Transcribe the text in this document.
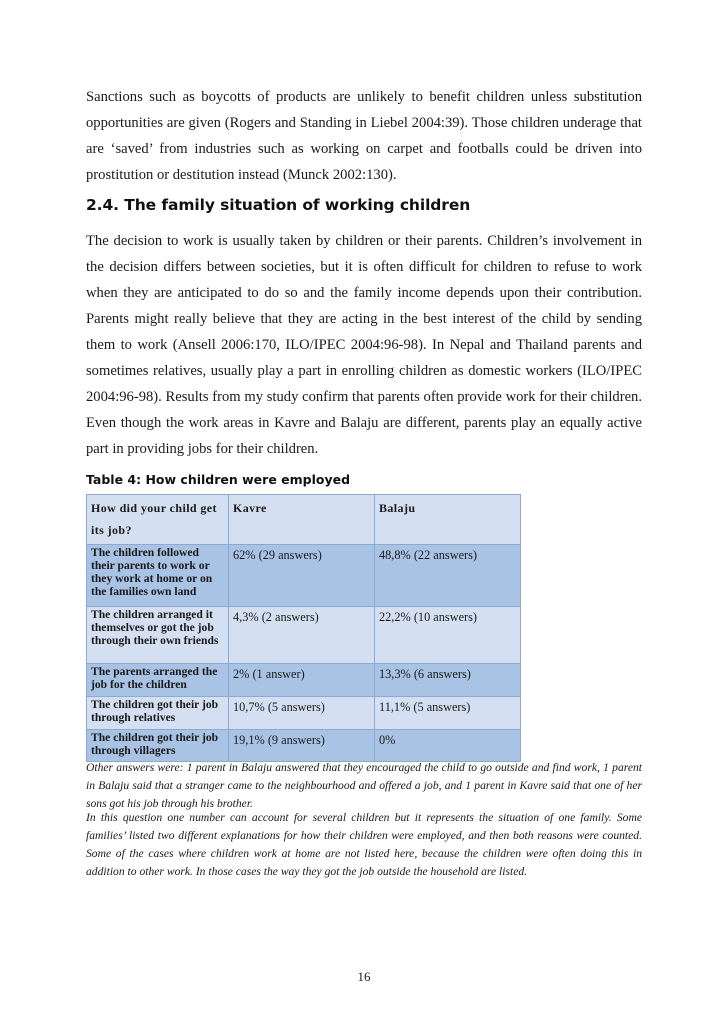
Sanctions such as boycotts of products are unlikely to benefit children unless substitution opportunities are given (Rogers and Standing in Liebel 2004:39). Those children underage that are ‘saved’ from industries such as working on carpet and footballs could be driven into prostitution or destitution instead (Munck 2002:130).

2.4. The family situation of working children

The decision to work is usually taken by children or their parents. Children’s involvement in the decision differs between societies, but it is often difficult for children to refuse to work when they are anticipated to do so and the family income depends upon their contribution. Parents might really believe that they are acting in the best interest of the child by sending them to work (Ansell 2006:170, ILO/IPEC 2004:96-98). In Nepal and Thailand parents and sometimes relatives, usually play a part in enrolling children as domestic workers (ILO/IPEC 2004:96-98). Results from my study confirm that parents often provide work for their children. Even though the work areas in Kavre and Balaju are different, parents play an equally active part in providing jobs for their children.

Table 4: How children were employed

How did your child get its job?	Kavre	Balaju
The children followed their parents to work or they work at home or on the families own land	62% (29 answers)	48,8% (22 answers)
The children arranged it themselves or got the job through their own friends	4,3% (2 answers)	22,2% (10 answers)
The parents arranged the job for the children	2% (1 answer)	13,3% (6 answers)
The children got their job through relatives	10,7% (5 answers)	11,1% (5 answers)
The children got their job through villagers	19,1% (9 answers)	0%

Other answers were: 1 parent in Balaju answered that they encouraged the child to go outside and find work, 1 parent in Balaju said that a stranger came to the neighbourhood and offered a job, and 1 parent in Kavre said that one of her sons got his job through his brother.

In this question one number can account for several children but it represents the situation of one family. Some families’ listed two different explanations for how their children were employed, and then both reasons were counted. Some of the cases where children work at home are not listed here, because the children were often doing this in addition to other work. In those cases the way they got the job outside the household are listed.

16
